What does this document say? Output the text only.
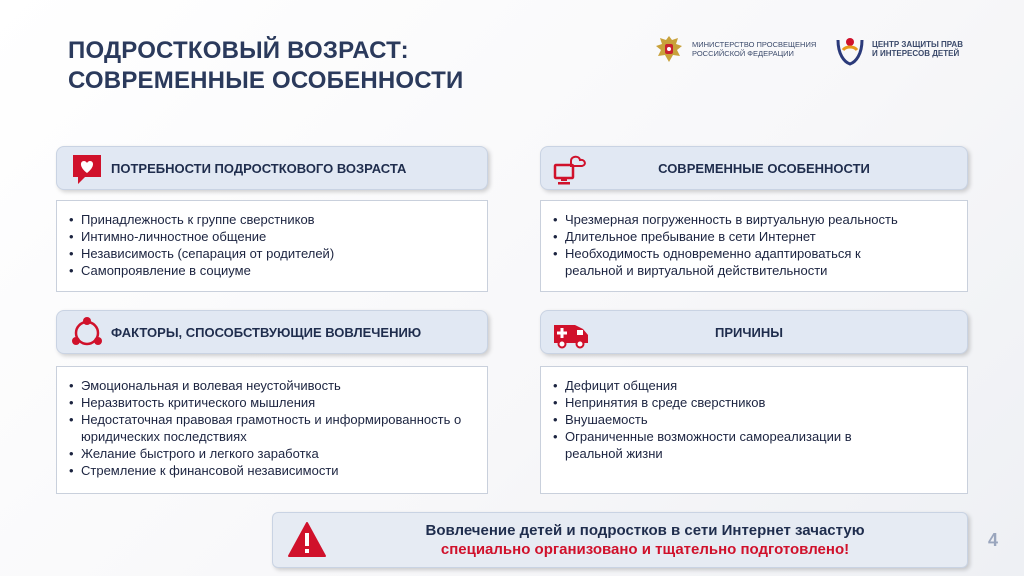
ПОДРОСТКОВЫЙ ВОЗРАСТ:
СОВРЕМЕННЫЕ ОСОБЕННОСТИ
МИНИСТЕРСТВО ПРОСВЕЩЕНИЯ
РОССИЙСКОЙ ФЕДЕРАЦИИ
ЦЕНТР ЗАЩИТЫ ПРАВ
И ИНТЕРЕСОВ ДЕТЕЙ
ПОТРЕБНОСТИ ПОДРОСТКОВОГО ВОЗРАСТА
• Принадлежность к группе сверстников
• Интимно-личностное общение
• Независимость (сепарация от родителей)
• Самопроявление в социуме
СОВРЕМЕННЫЕ ОСОБЕННОСТИ
• Чрезмерная погруженность в виртуальную реальность
• Длительное пребывание в сети Интернет
• Необходимость одновременно адаптироваться к реальной и виртуальной действительности
ФАКТОРЫ, СПОСОБСТВУЮЩИЕ ВОВЛЕЧЕНИЮ
• Эмоциональная и волевая неустойчивость
• Неразвитость критического мышления
• Недостаточная правовая грамотность и информированность о юридических последствиях
• Желание быстрого и легкого заработка
• Стремление к финансовой независимости
ПРИЧИНЫ
• Дефицит общения
• Непринятия в среде сверстников
• Внушаемость
• Ограниченные возможности самореализации в реальной жизни
Вовлечение детей и подростков в сети Интернет зачастую
специально организовано и тщательно подготовлено!	4
